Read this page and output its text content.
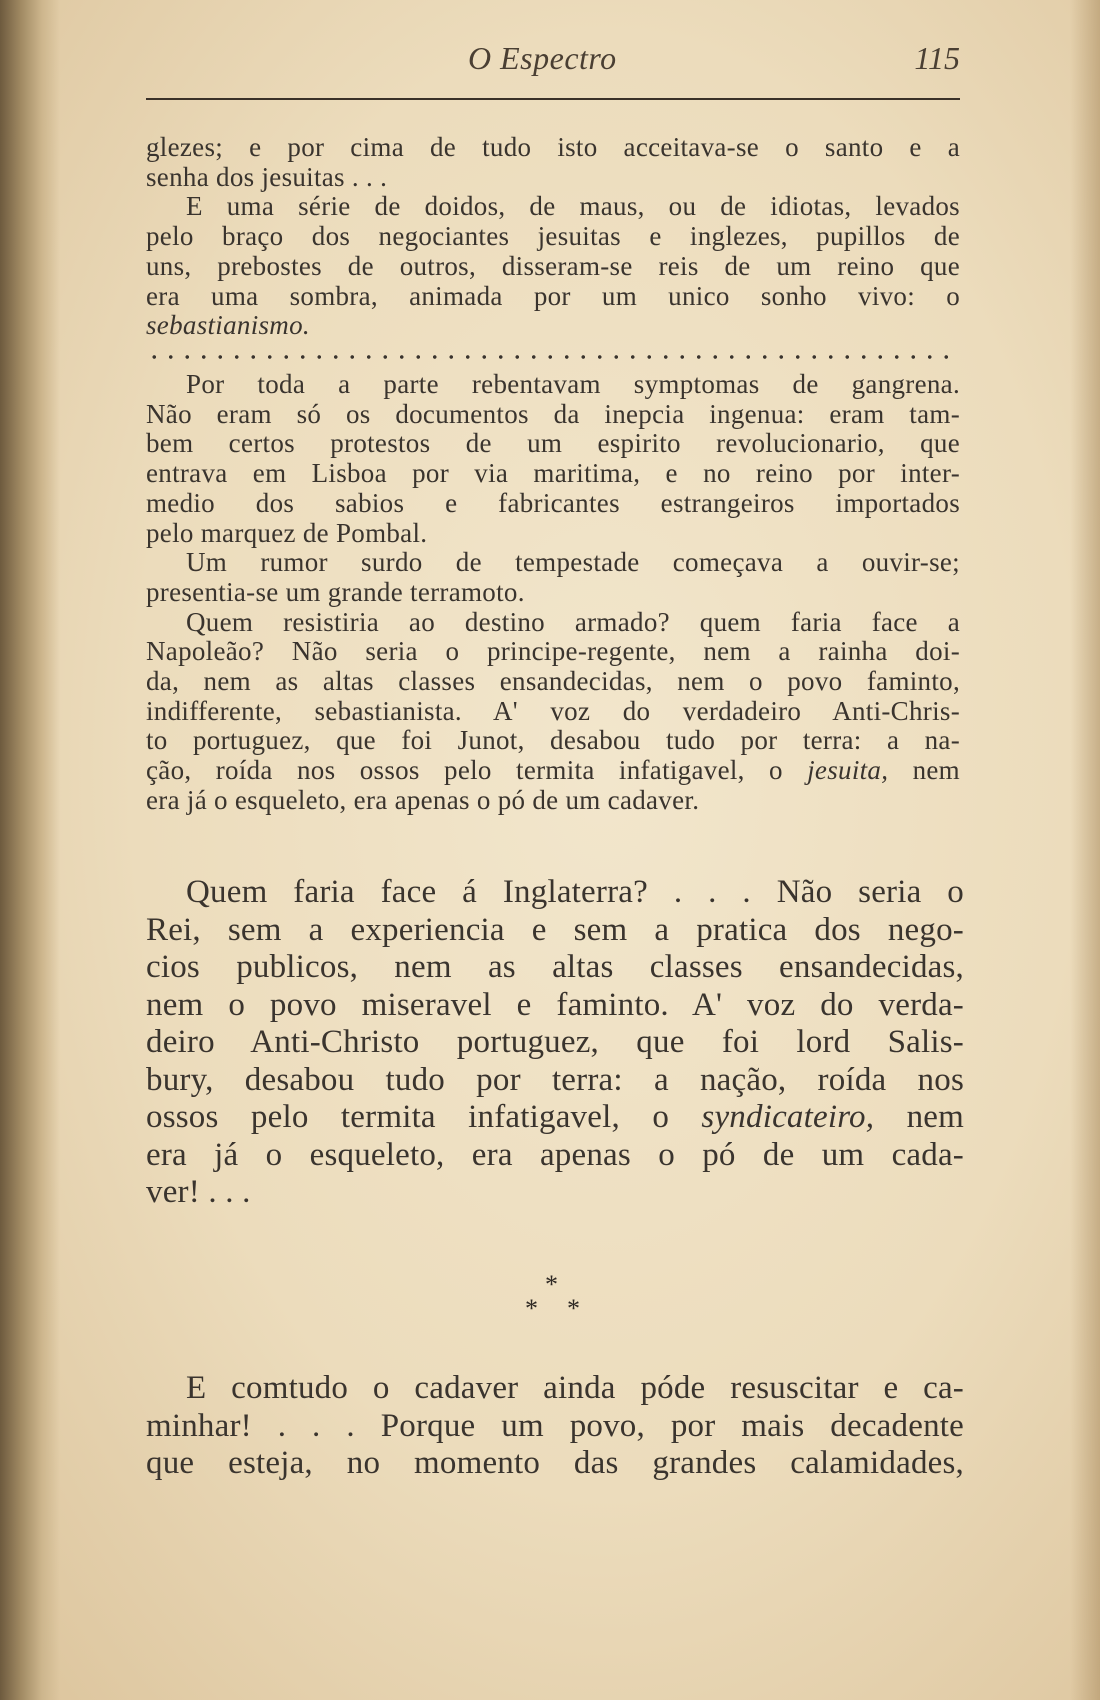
O Espectro	115
glezes; e por cima de tudo isto acceitava-se o santo e a
senha dos jesuitas . . .
E uma série de doidos, de maus, ou de idiotas, levados
pelo braço dos negociantes jesuitas e inglezes, pupillos de
uns, prebostes de outros, disseram-se reis de um reino que
era uma sombra, animada por um unico sonho vivo: o
sebastianismo.
Por toda a parte rebentavam symptomas de gangrena.
Não eram só os documentos da inepcia ingenua: eram tam-
bem certos protestos de um espirito revolucionario, que
entrava em Lisboa por via maritima, e no reino por inter-
medio dos sabios e fabricantes estrangeiros importados
pelo marquez de Pombal.
Um rumor surdo de tempestade começava a ouvir-se;
presentia-se um grande terramoto.
Quem resistiria ao destino armado? quem faria face a
Napoleão? Não seria o principe-regente, nem a rainha doi-
da, nem as altas classes ensandecidas, nem o povo faminto,
indifferente, sebastianista. A' voz do verdadeiro Anti-Chris-
to portuguez, que foi Junot, desabou tudo por terra: a na-
ção, roída nos ossos pelo termita infatigavel, o jesuita, nem
era já o esqueleto, era apenas o pó de um cadaver.
Quem faria face á Inglaterra? . . . Não seria o
Rei, sem a experiencia e sem a pratica dos nego-
cios publicos, nem as altas classes ensandecidas,
nem o povo miseravel e faminto. A' voz do verda-
deiro Anti-Christo portuguez, que foi lord Salis-
bury, desabou tudo por terra: a nação, roída nos
ossos pelo termita infatigavel, o syndicateiro, nem
era já o esqueleto, era apenas o pó de um cada-
ver! . . .
*
* *
E comtudo o cadaver ainda póde resuscitar e ca-
minhar! . . . Porque um povo, por mais decadente
que esteja, no momento das grandes calamidades,
